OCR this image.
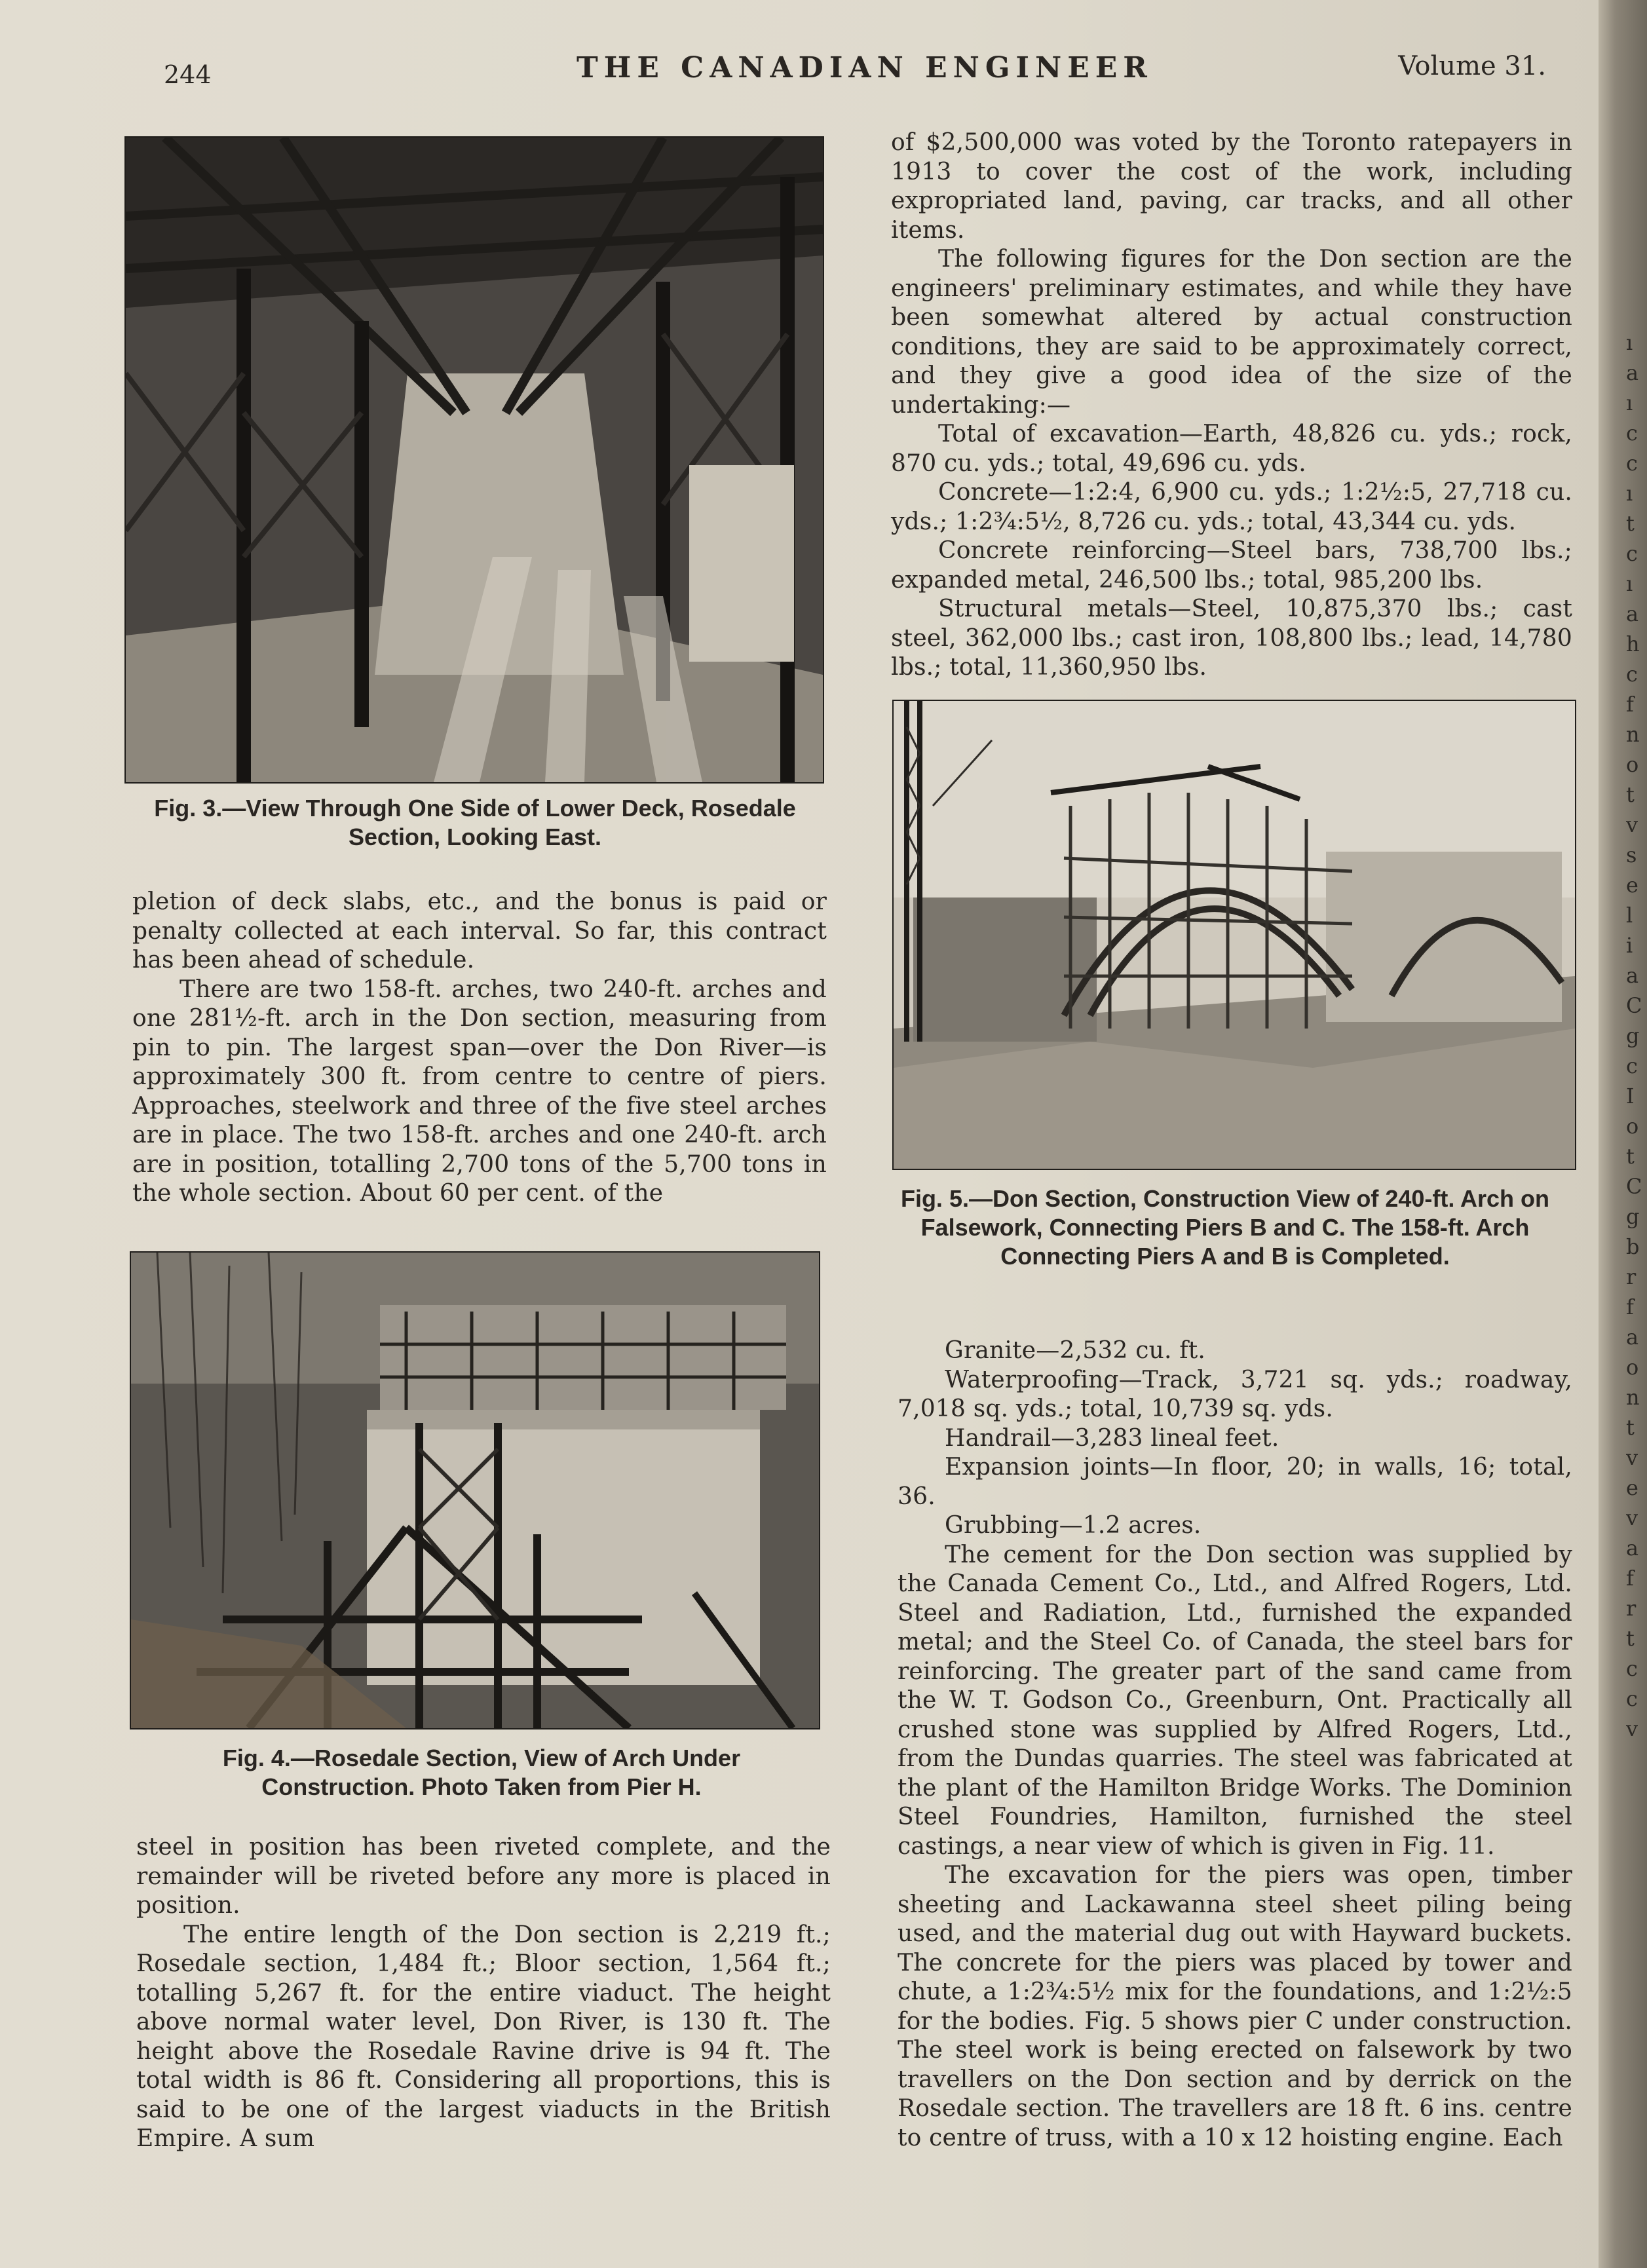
244	THE CANADIAN ENGINEER	Volume 31.
Fig. 3.—View Through One Side of Lower Deck, Rosedale Section, Looking East.

pletion of deck slabs, etc., and the bonus is paid or penalty collected at each interval. So far, this contract has been ahead of schedule.

There are two 158-ft. arches, two 240-ft. arches and one 281½-ft. arch in the Don section, measuring from pin to pin. The largest span—over the Don River—is approximately 300 ft. from centre to centre of piers. Approaches, steelwork and three of the five steel arches are in place. The two 158-ft. arches and one 240-ft. arch are in position, totalling 2,700 tons of the 5,700 tons in the whole section. About 60 per cent. of the

Fig. 4.—Rosedale Section, View of Arch Under Construction. Photo Taken from Pier H.

steel in position has been riveted complete, and the remainder will be riveted before any more is placed in position.

The entire length of the Don section is 2,219 ft.; Rosedale section, 1,484 ft.; Bloor section, 1,564 ft.; totalling 5,267 ft. for the entire viaduct. The height above normal water level, Don River, is 130 ft. The height above the Rosedale Ravine drive is 94 ft. The total width is 86 ft. Considering all proportions, this is said to be one of the largest viaducts in the British Empire. A sum

of $2,500,000 was voted by the Toronto ratepayers in 1913 to cover the cost of the work, including expropriated land, paving, car tracks, and all other items.

The following figures for the Don section are the engineers' preliminary estimates, and while they have been somewhat altered by actual construction conditions, they are said to be approximately correct, and they give a good idea of the size of the undertaking:—

Total of excavation—Earth, 48,826 cu. yds.; rock, 870 cu. yds.; total, 49,696 cu. yds.

Concrete—1:2:4, 6,900 cu. yds.; 1:2½:5, 27,718 cu. yds.; 1:2¾:5½, 8,726 cu. yds.; total, 43,344 cu. yds.

Concrete reinforcing—Steel bars, 738,700 lbs.; expanded metal, 246,500 lbs.; total, 985,200 lbs.

Structural metals—Steel, 10,875,370 lbs.; cast steel, 362,000 lbs.; cast iron, 108,800 lbs.; lead, 14,780 lbs.; total, 11,360,950 lbs.

Fig. 5.—Don Section, Construction View of 240-ft. Arch on Falsework, Connecting Piers B and C. The 158-ft. Arch Connecting Piers A and B is Completed.

Granite—2,532 cu. ft.

Waterproofing—Track, 3,721 sq. yds.; roadway, 7,018 sq. yds.; total, 10,739 sq. yds.

Handrail—3,283 lineal feet.

Expansion joints—In floor, 20; in walls, 16; total, 36.

Grubbing—1.2 acres.

The cement for the Don section was supplied by the Canada Cement Co., Ltd., and Alfred Rogers, Ltd. Steel and Radiation, Ltd., furnished the expanded metal; and the Steel Co. of Canada, the steel bars for reinforcing. The greater part of the sand came from the W. T. Godson Co., Greenburn, Ont. Practically all crushed stone was supplied by Alfred Rogers, Ltd., from the Dundas quarries. The steel was fabricated at the plant of the Hamilton Bridge Works. The Dominion Steel Foundries, Hamilton, furnished the steel castings, a near view of which is given in Fig. 11.

The excavation for the piers was open, timber sheeting and Lackawanna steel sheet piling being used, and the material dug out with Hayward buckets. The concrete for the piers was placed by tower and chute, a 1:2¾:5½ mix for the foundations, and 1:2½:5 for the bodies. Fig. 5 shows pier C under construction. The steel work is being erected on falsework by two travellers on the Don section and by derrick on the Rosedale section. The travellers are 18 ft. 6 ins. centre to centre of truss, with a 10 x 12 hoisting engine. Each

ı
a
ı
c
c
ı
t
c
ı
a
h
c
f
n
o
t
v
s
e
l
i
a
C
g
c
I
o
t
C
g
b
r
f
a
o
n
t
v
e
v
a
f
r
t
c
c
v
